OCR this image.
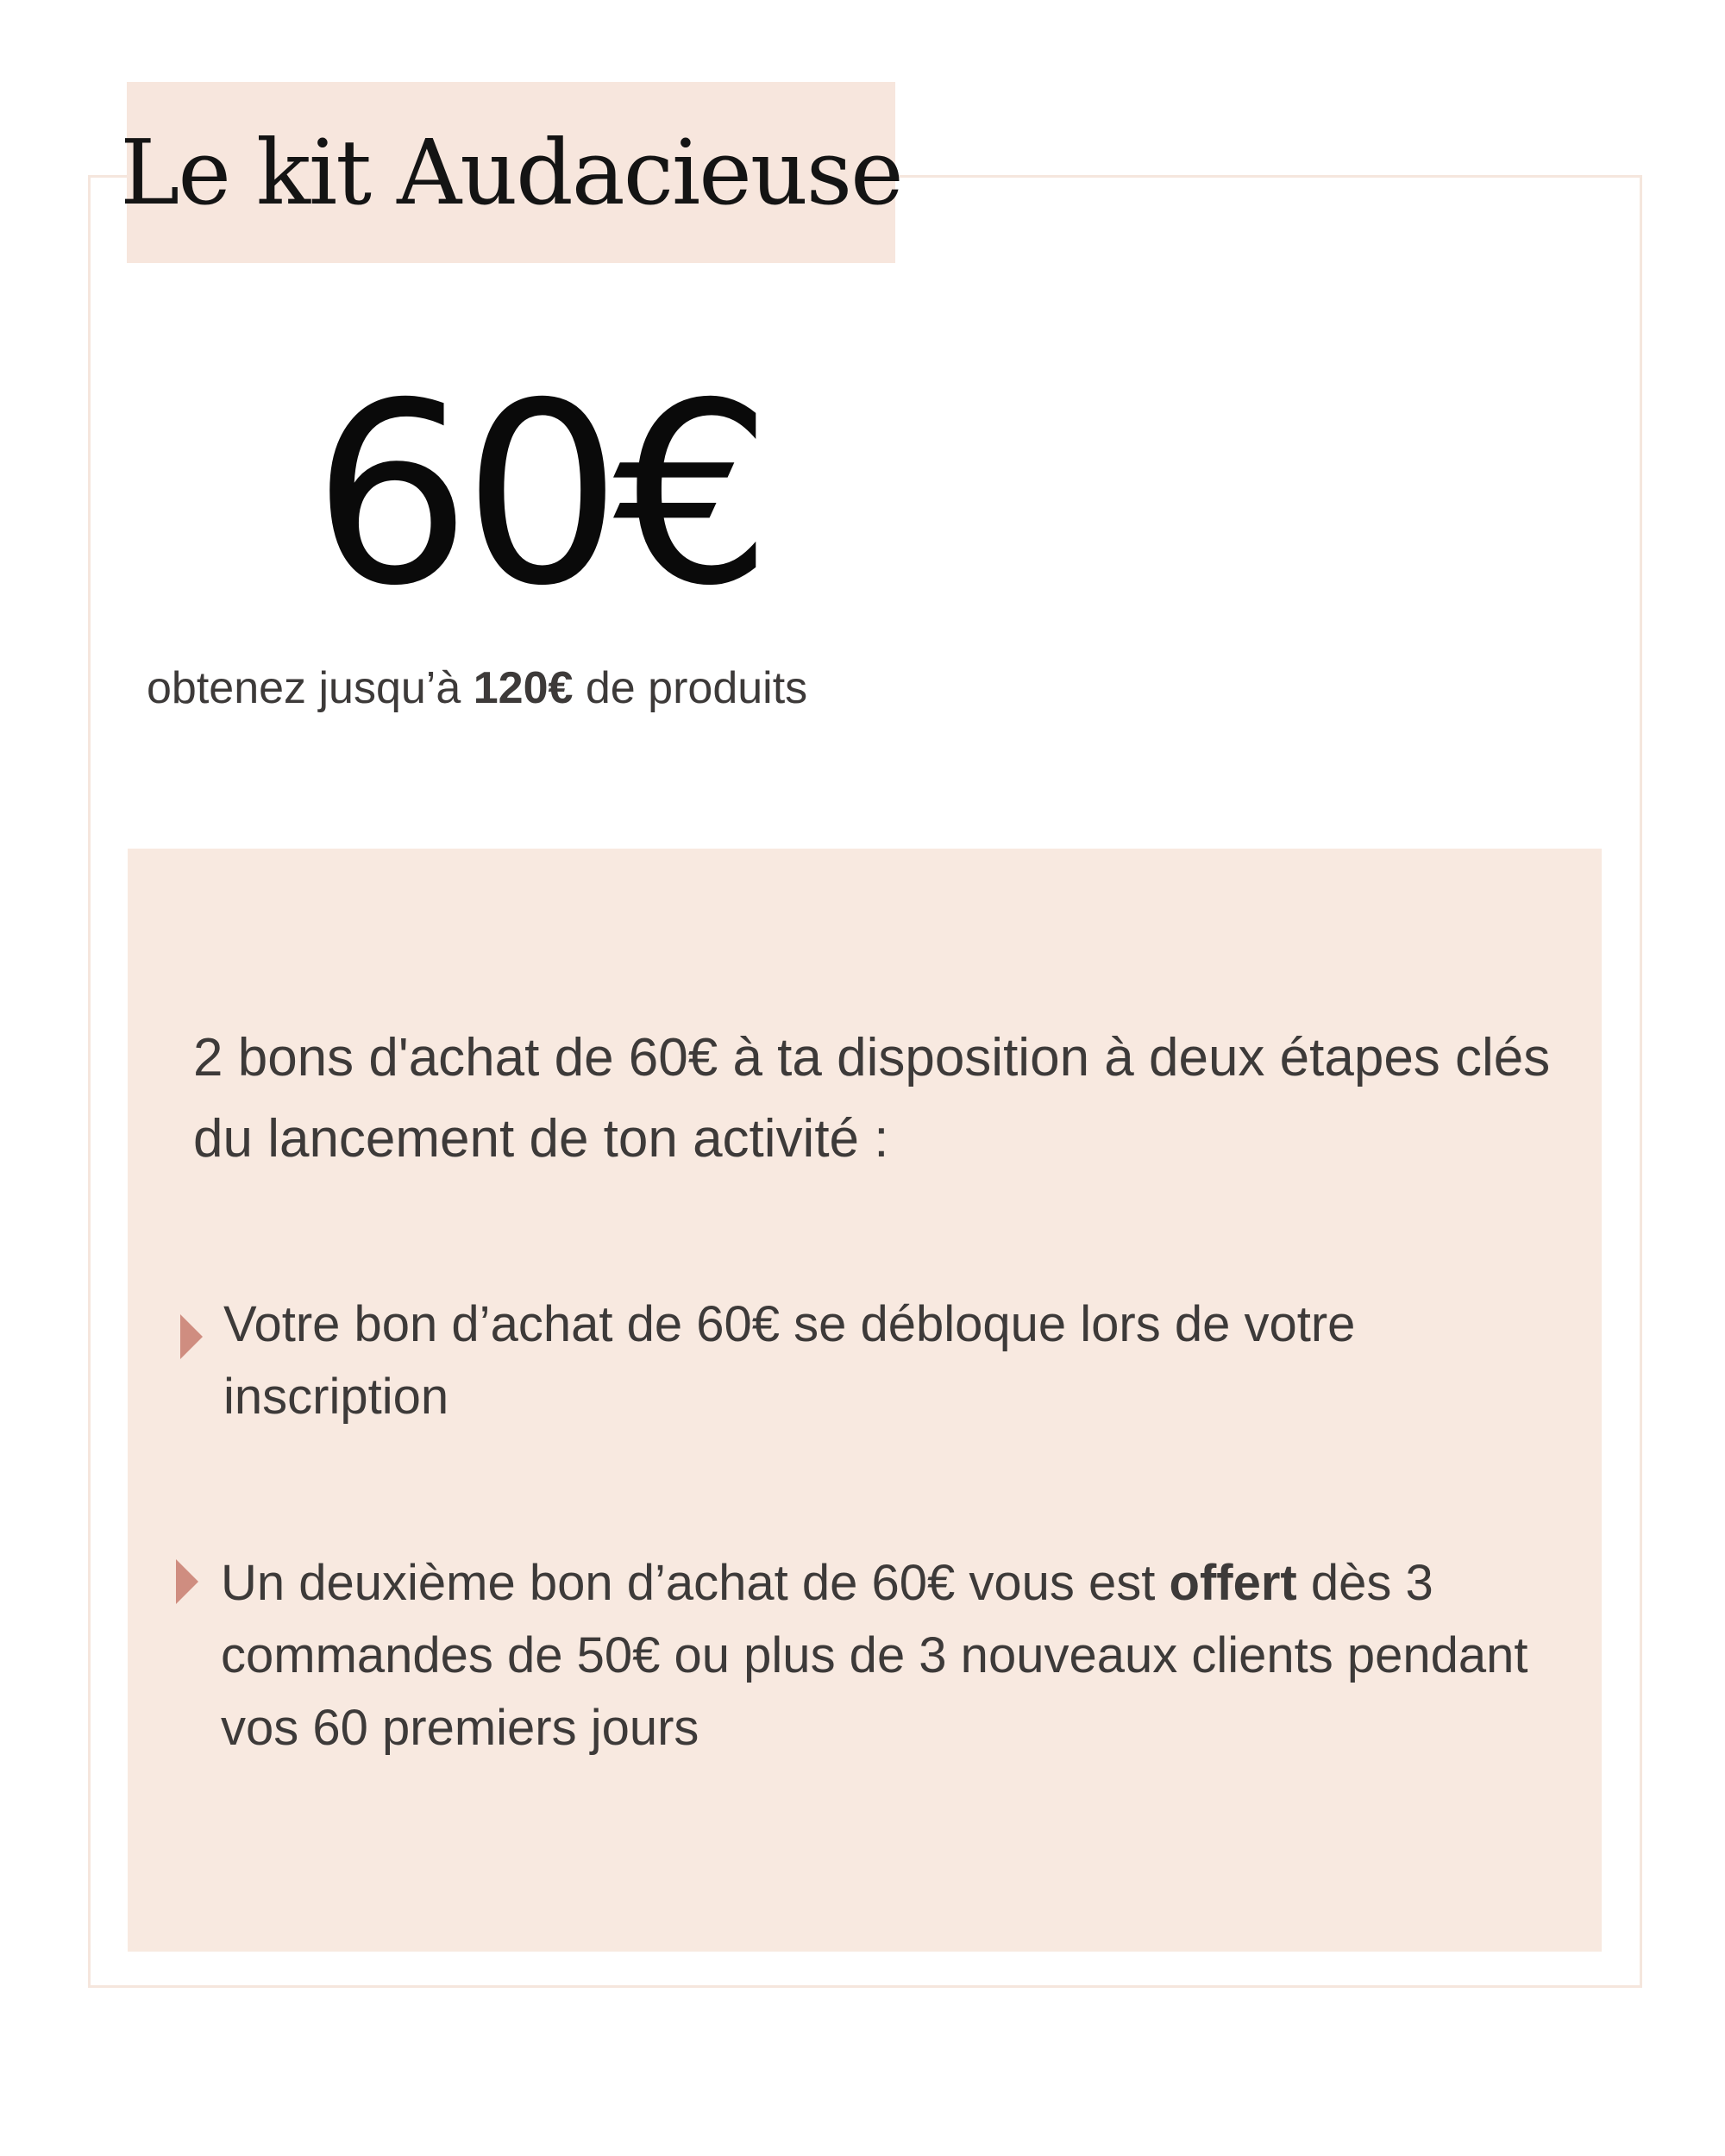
Le kit Audacieuse
60€
obtenez jusqu’à 120€ de produits
2 bons d'achat de 60€ à ta disposition à deux étapes clés du lancement de ton activité :
Votre bon d’achat de 60€ se débloque lors de votre inscription
Un deuxième bon d’achat de 60€ vous est offert dès 3 commandes de 50€ ou plus de 3 nouveaux clients pendant vos 60 premiers jours
